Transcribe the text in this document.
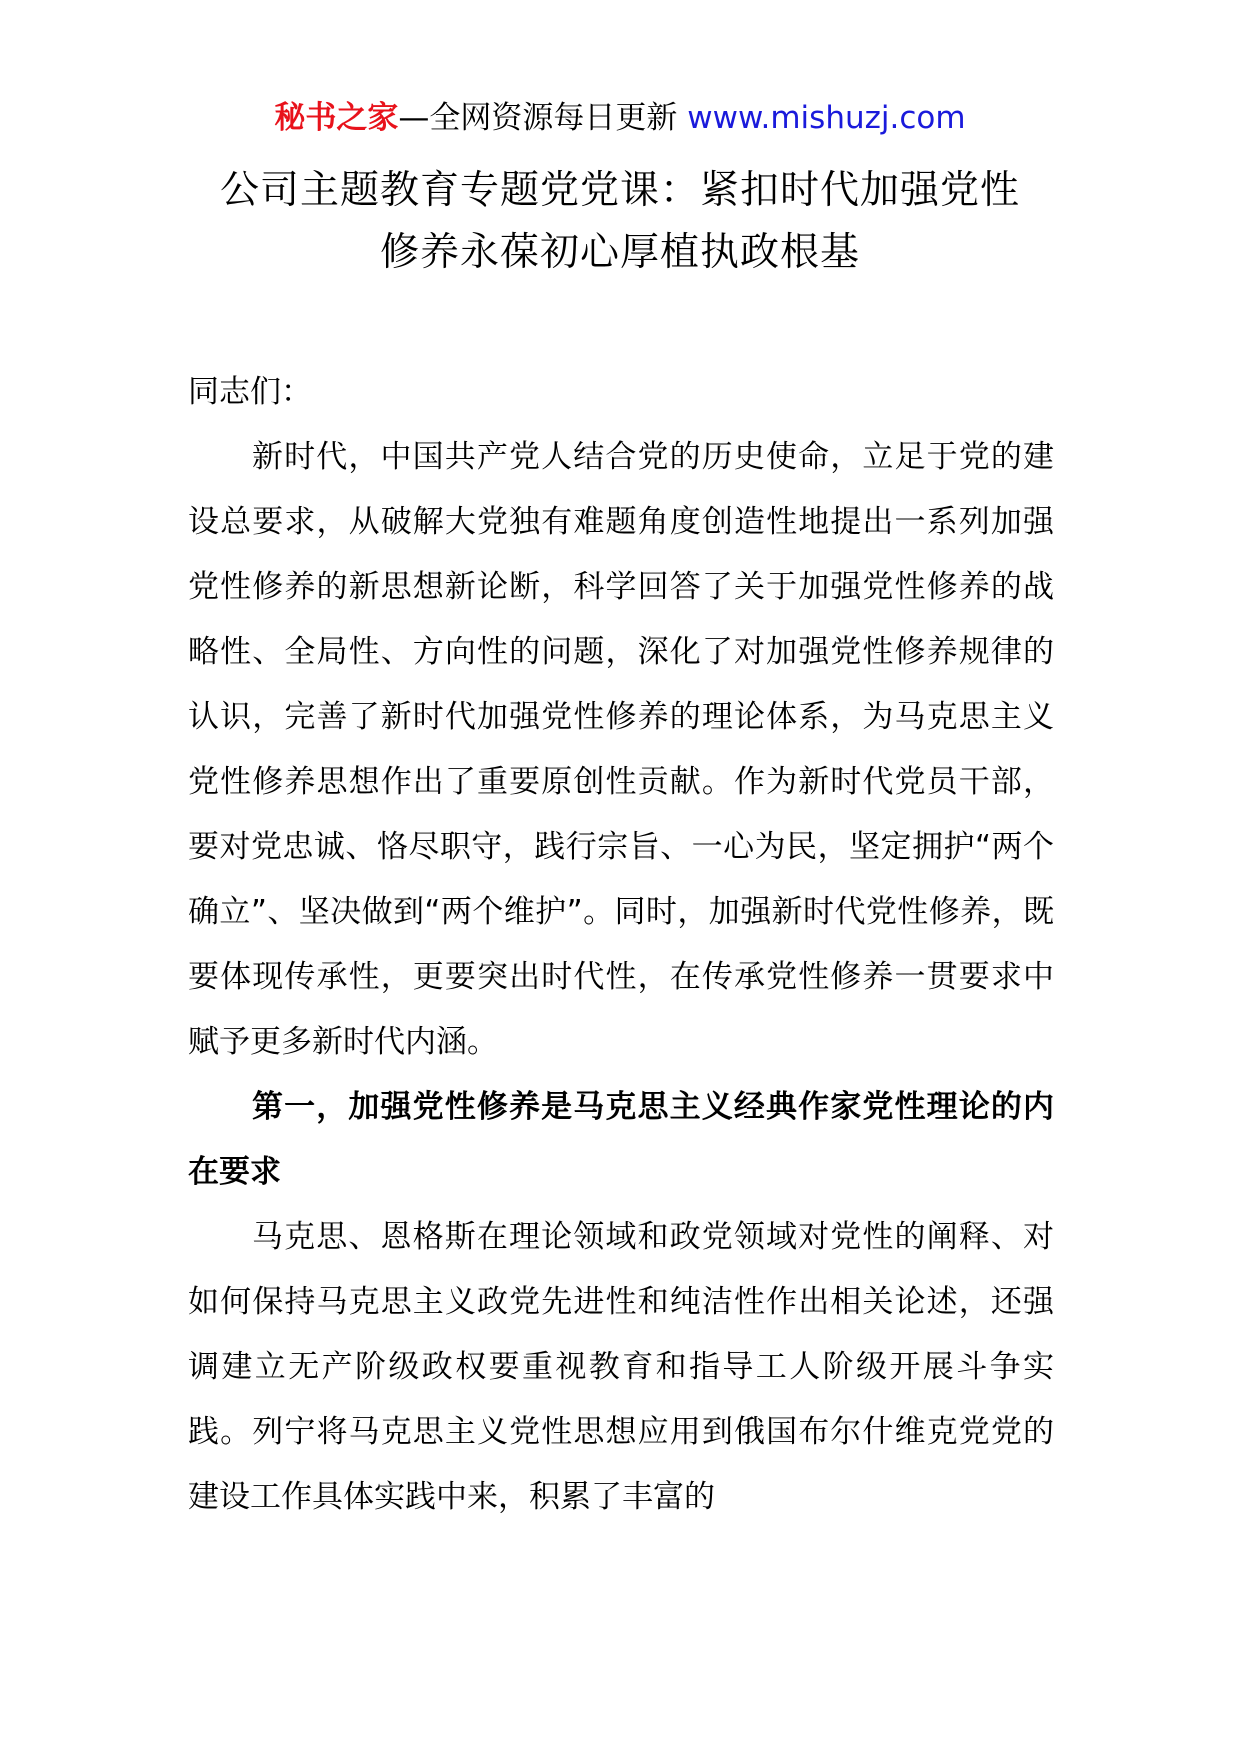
秘书之家—全网资源每日更新 www.mishuzj.com
公司主题教育专题党党课：紧扣时代加强党性
修养永葆初心厚植执政根基

同志们：

新时代，中国共产党人结合党的历史使命，立足于党的建设总要求，从破解大党独有难题角度创造性地提出一系列加强党性修养的新思想新论断，科学回答了关于加强党性修养的战略性、全局性、方向性的问题，深化了对加强党性修养规律的认识，完善了新时代加强党性修养的理论体系，为马克思主义党性修养思想作出了重要原创性贡献。作为新时代党员干部，要对党忠诚、恪尽职守，践行宗旨、一心为民，坚定拥护“两个确立”、坚决做到“两个维护”。同时，加强新时代党性修养，既要体现传承性，更要突出时代性，在传承党性修养一贯要求中赋予更多新时代内涵。

第一，加强党性修养是马克思主义经典作家党性理论的内在要求

马克思、恩格斯在理论领域和政党领域对党性的阐释、对如何保持马克思主义政党先进性和纯洁性作出相关论述，还强调建立无产阶级政权要重视教育和指导工人阶级开展斗争实践。列宁将马克思主义党性思想应用到俄国布尔什维克党党的建设工作具体实践中来，积累了丰富的
